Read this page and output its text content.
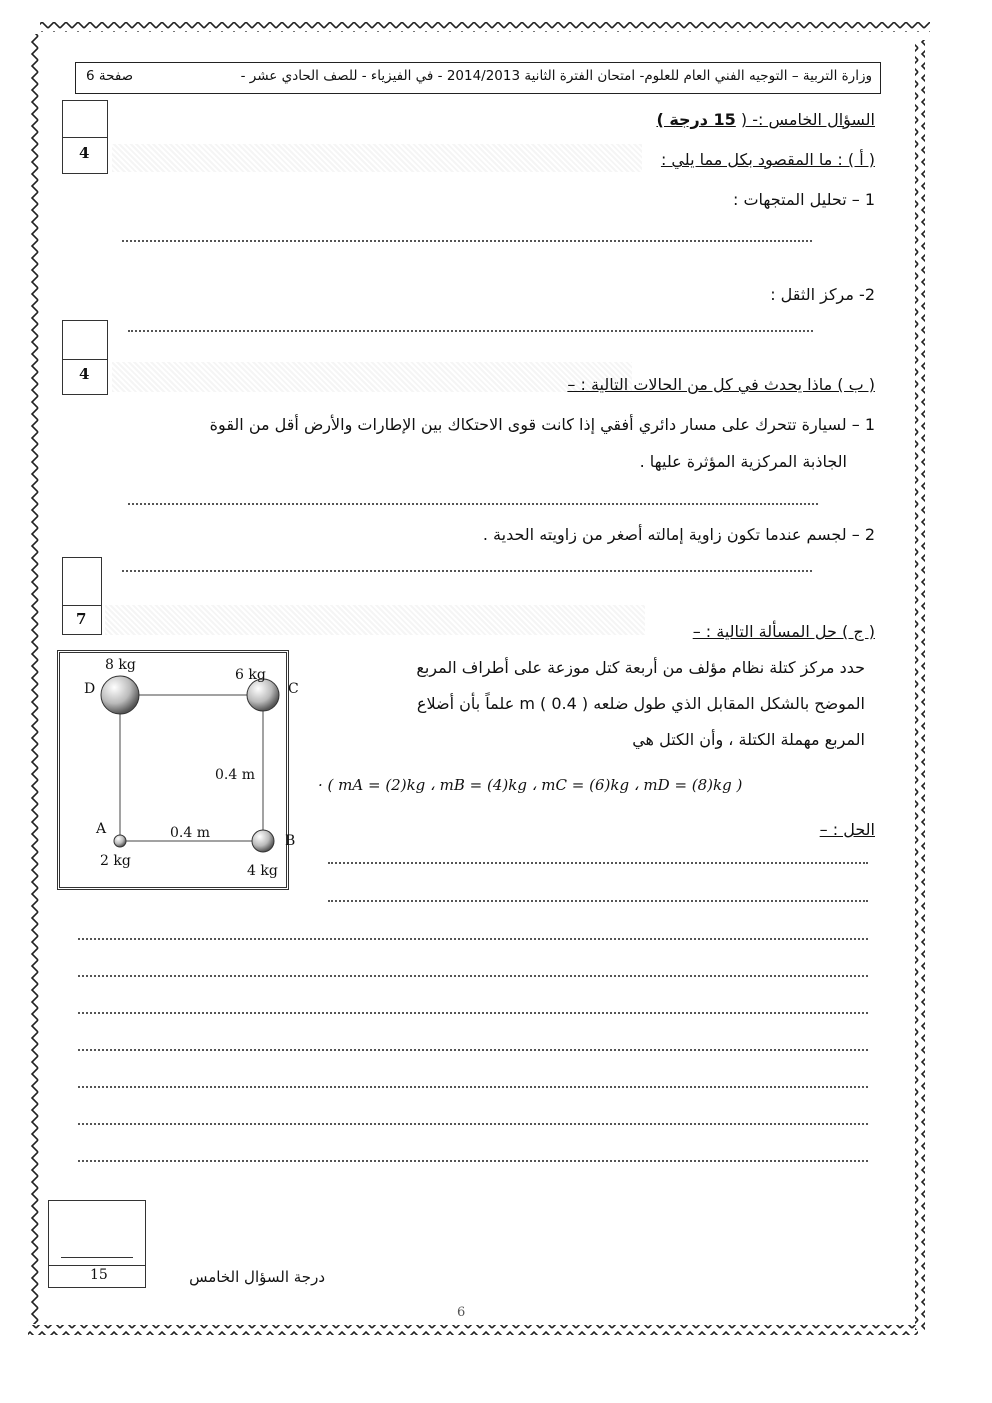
وزارة التربية – التوجيه الفني العام للعلوم- امتحان الفترة الثانية 2014/2013 - في الفيزياء - للصف الحادي عشر -
صفحة 6
السؤال الخامس :- ( 15 درجة )
4	( أ ) : ما المقصود بكل مما يلي :
1 – تحليل المتجهات :
2- مركز الثقل :
4
( ب ) ماذا يحدث في كل من الحالات التالية : –
1 – لسيارة تتحرك على مسار دائري أفقي إذا كانت قوى الاحتكاك بين الإطارات والأرض أقل من القوة
الجاذبة المركزية المؤثرة عليها .
2 – لجسم عندما تكون زاوية إمالته أصغر من زاويته الحدية .
7
( ج ) حل المسألة التالية : –
حدد مركز كتلة نظام مؤلف من أربعة كتل موزعة على أطراف المربع
الموضح بالشكل المقابل الذي طول ضلعه m ( 0.4 ) علماً بأن أضلاع
المربع مهملة الكتلة ، وأن الكتل هي
· ( mA = (2)kg ، mB = (4)kg ، mC = (6)kg ، mD = (8)kg )
الحل : –
8 kg
6 kg
D	C
0.4 m
0.4 m
A
B
2 kg
4 kg
15	درجة السؤال الخامس
6
